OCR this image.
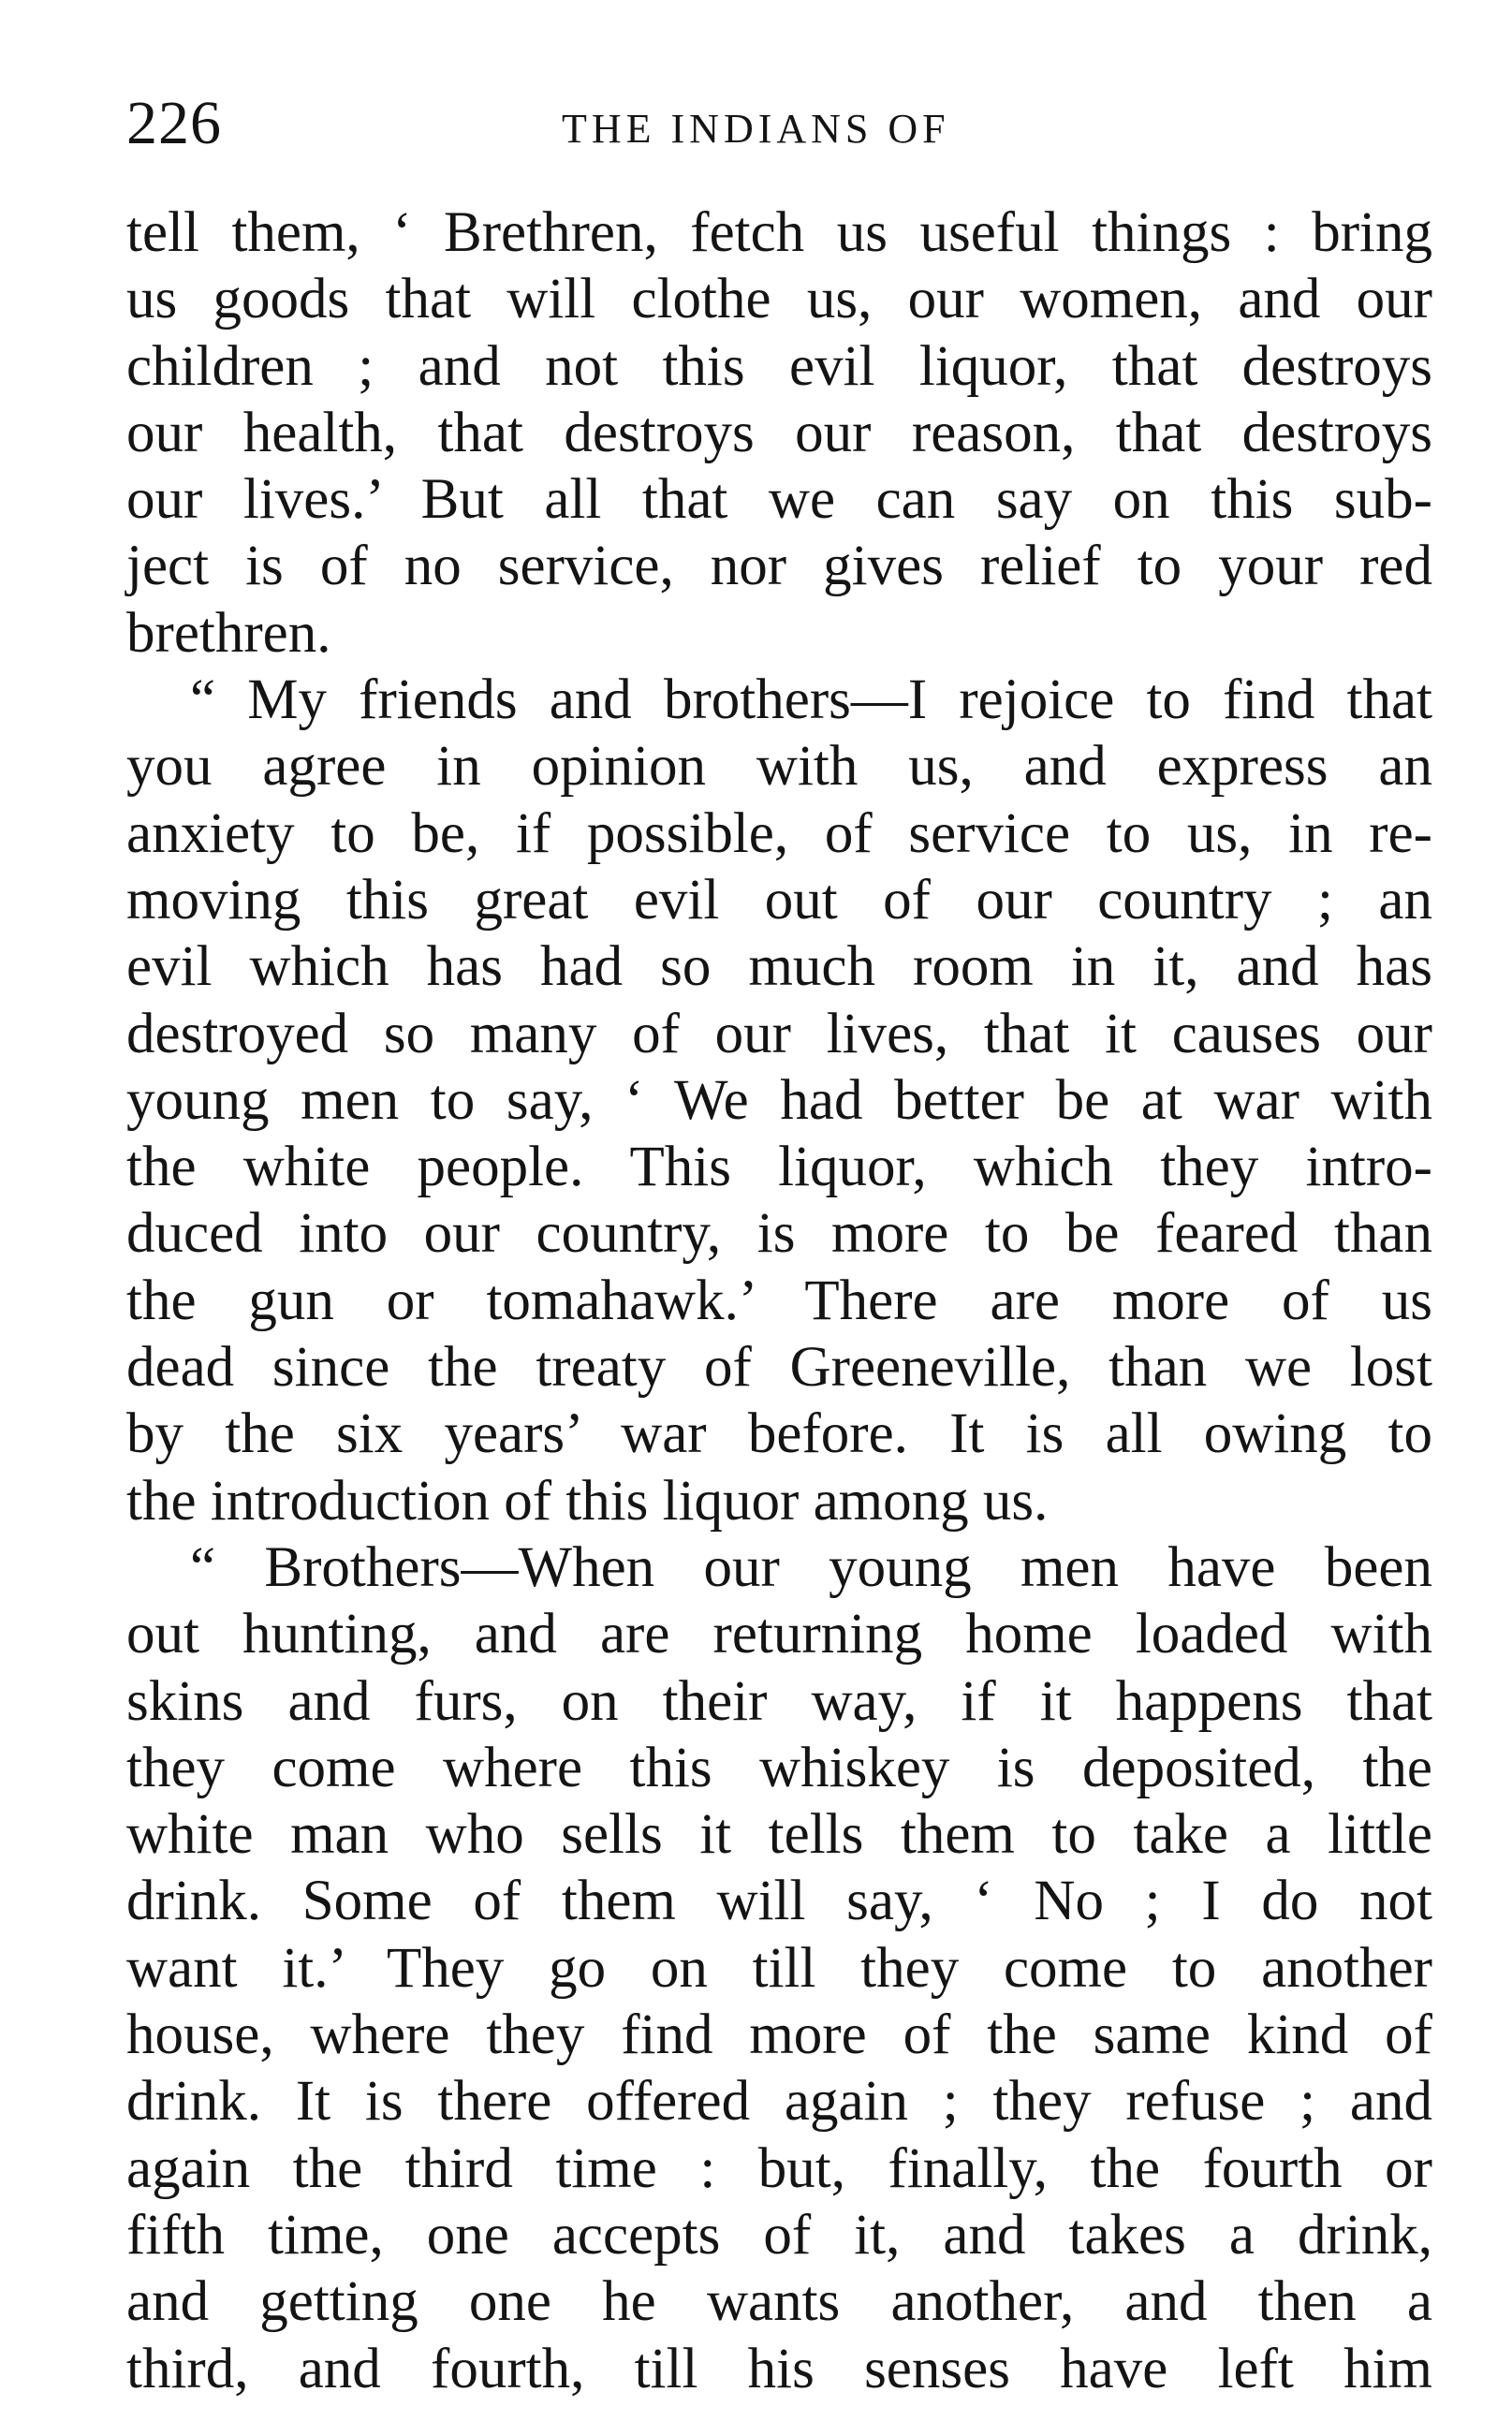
226	THE INDIANS OF
tell them, ‘ Brethren, fetch us useful things : bring
us goods that will clothe us, our women, and our
children ; and not this evil liquor, that destroys
our health, that destroys our reason, that destroys
our lives.’ But all that we can say on this sub-
ject is of no service, nor gives relief to your red
brethren.
“ My friends and brothers—I rejoice to find that
you agree in opinion with us, and express an
anxiety to be, if possible, of service to us, in re-
moving this great evil out of our country ; an
evil which has had so much room in it, and has
destroyed so many of our lives, that it causes our
young men to say, ‘ We had better be at war with
the white people. This liquor, which they intro-
duced into our country, is more to be feared than
the gun or tomahawk.’ There are more of us
dead since the treaty of Greeneville, than we lost
by the six years’ war before. It is all owing to
the introduction of this liquor among us.
“ Brothers—When our young men have been
out hunting, and are returning home loaded with
skins and furs, on their way, if it happens that
they come where this whiskey is deposited, the
white man who sells it tells them to take a little
drink. Some of them will say, ‘ No ; I do not
want it.’ They go on till they come to another
house, where they find more of the same kind of
drink. It is there offered again ; they refuse ; and
again the third time : but, finally, the fourth or
fifth time, one accepts of it, and takes a drink,
and getting one he wants another, and then a
third, and fourth, till his senses have left him
